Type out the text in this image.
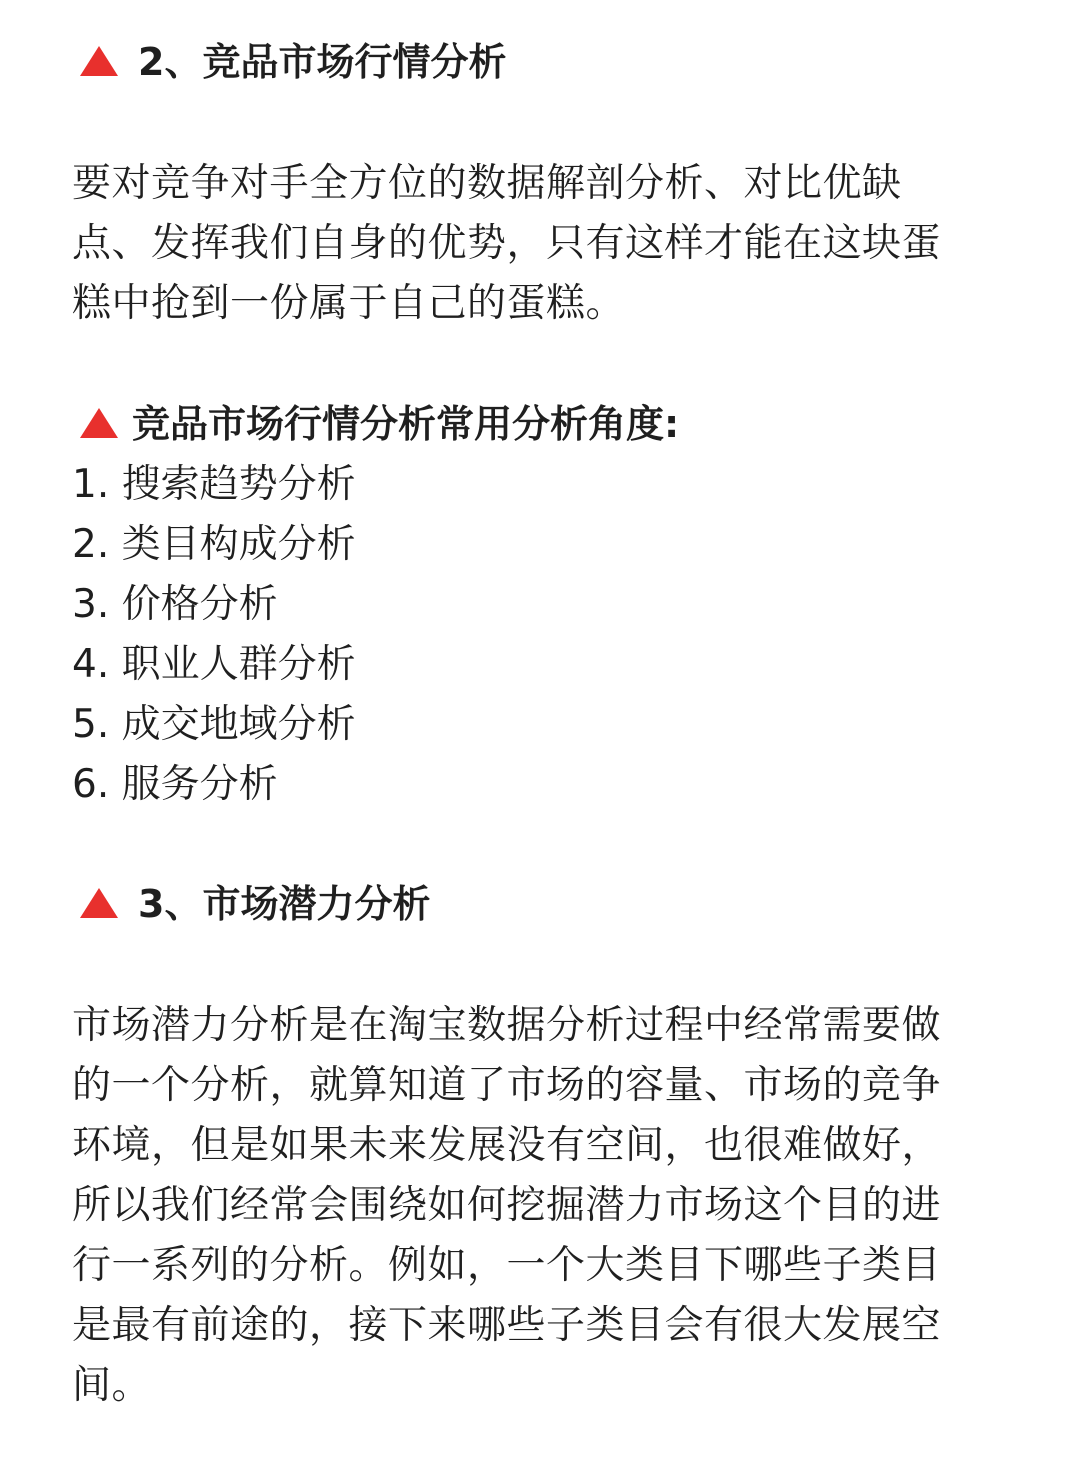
2、竞品市场行情分析
要对竞争对手全方位的数据解剖分析、对比优缺
点、发挥我们自身的优势，只有这样才能在这块蛋
糕中抢到一份属于自己的蛋糕。
竞品市场行情分析常用分析角度:
1. 搜索趋势分析
2. 类目构成分析
3. 价格分析
4. 职业人群分析
5. 成交地域分析
6. 服务分析
3、市场潜力分析
市场潜力分析是在淘宝数据分析过程中经常需要做
的一个分析，就算知道了市场的容量、市场的竞争
环境，但是如果未来发展没有空间，也很难做好，
所以我们经常会围绕如何挖掘潜力市场这个目的进
行一系列的分析。例如，一个大类目下哪些子类目
是最有前途的，接下来哪些子类目会有很大发展空
间。
